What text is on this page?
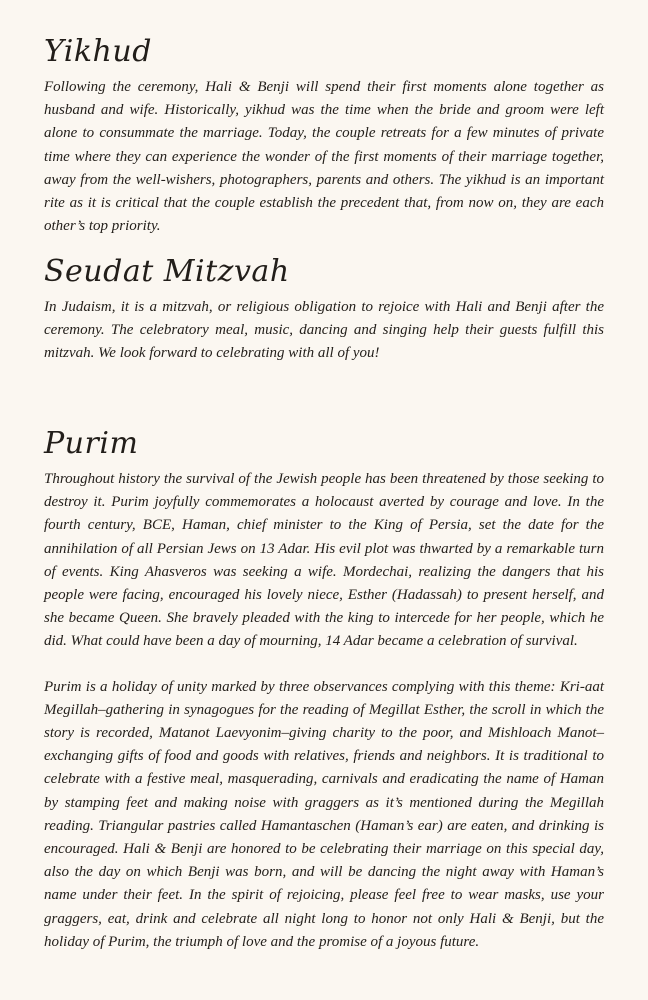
Yikhud

Following the ceremony, Hali & Benji will spend their first moments alone together as husband and wife. Historically, yikhud was the time when the bride and groom were left alone to consummate the marriage. Today, the couple retreats for a few minutes of private time where they can experience the wonder of the first moments of their marriage together, away from the well-wishers, photographers, parents and others. The yikhud is an important rite as it is critical that the couple establish the precedent that, from now on, they are each other’s top priority.

Seudat Mitzvah

In Judaism, it is a mitzvah, or religious obligation to rejoice with Hali and Benji after the ceremony. The celebratory meal, music, dancing and singing help their guests fulfill this mitzvah. We look forward to celebrating with all of you!

Purim

Throughout history the survival of the Jewish people has been threatened by those seeking to destroy it. Purim joyfully commemorates a holocaust averted by courage and love. In the fourth century, BCE, Haman, chief minister to the King of Persia, set the date for the annihilation of all Persian Jews on 13 Adar. His evil plot was thwarted by a remarkable turn of events. King Ahasveros was seeking a wife. Mordechai, realizing the dangers that his people were facing, encouraged his lovely niece, Esther (Hadassah) to present herself, and she became Queen. She bravely pleaded with the king to intercede for her people, which he did. What could have been a day of mourning, 14 Adar became a celebration of survival.

Purim is a holiday of unity marked by three observances complying with this theme: Kri-aat Megillah–gathering in synagogues for the reading of Megillat Esther, the scroll in which the story is recorded, Matanot Laevyonim–giving charity to the poor, and Mishloach Manot–exchanging gifts of food and goods with relatives, friends and neighbors. It is traditional to celebrate with a festive meal, masquerading, carnivals and eradicating the name of Haman by stamping feet and making noise with graggers as it’s mentioned during the Megillah reading. Triangular pastries called Hamantaschen (Haman’s ear) are eaten, and drinking is encouraged. Hali & Benji are honored to be celebrating their marriage on this special day, also the day on which Benji was born, and will be dancing the night away with Haman’s name under their feet. In the spirit of rejoicing, please feel free to wear masks, use your graggers, eat, drink and celebrate all night long to honor not only Hali & Benji, but the holiday of Purim, the triumph of love and the promise of a joyous future.
